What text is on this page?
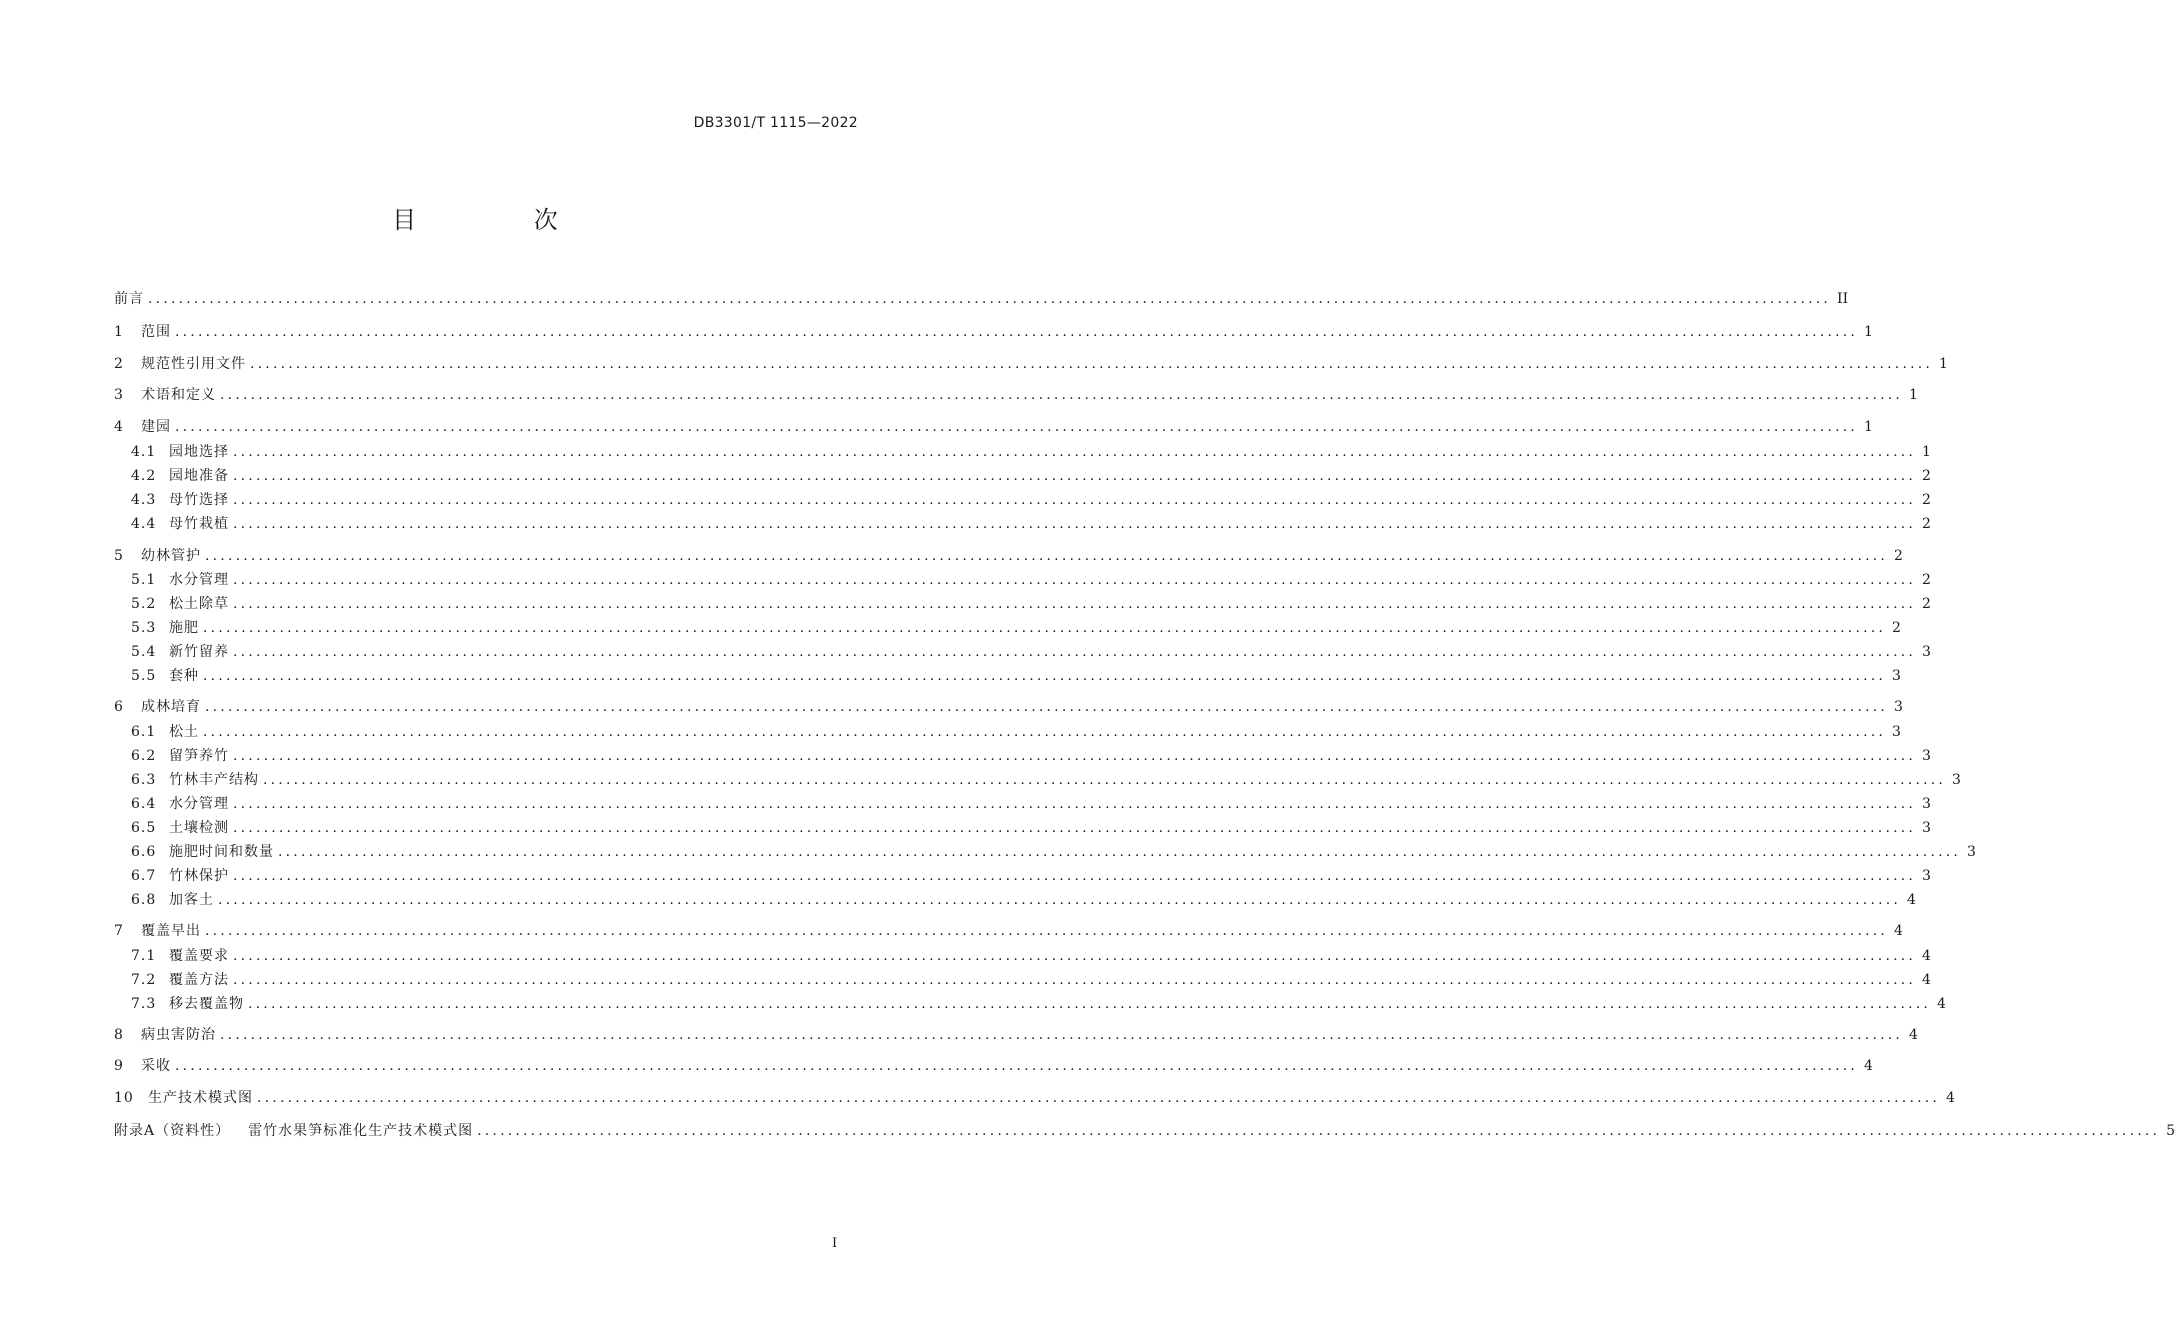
DB3301/T 1115—2022
目 次
前言 ............................................................................................................................................................................................................................ II
1	范围 ............................................................................................................................................................................................................................ 1
2	规范性引用文件 ............................................................................................................................................................................................................................ 1
3	术语和定义 ............................................................................................................................................................................................................................ 1
4	建园 ............................................................................................................................................................................................................................ 1
4.1 园地选择 ............................................................................................................................................................................................................................ 1
4.2 园地准备 ............................................................................................................................................................................................................................ 2
4.3 母竹选择 ............................................................................................................................................................................................................................ 2
4.4 母竹栽植 ............................................................................................................................................................................................................................ 2
5	幼林管护 ............................................................................................................................................................................................................................ 2
5.1 水分管理 ............................................................................................................................................................................................................................ 2
5.2 松土除草 ............................................................................................................................................................................................................................ 2
5.3 施肥 ............................................................................................................................................................................................................................ 2
5.4 新竹留养 ............................................................................................................................................................................................................................ 3
5.5 套种 ............................................................................................................................................................................................................................ 3
6	成林培育 ............................................................................................................................................................................................................................ 3
6.1 松土 ............................................................................................................................................................................................................................ 3
6.2 留笋养竹 ............................................................................................................................................................................................................................ 3
6.3 竹林丰产结构 ............................................................................................................................................................................................................................ 3
6.4 水分管理 ............................................................................................................................................................................................................................ 3
6.5 土壤检测 ............................................................................................................................................................................................................................ 3
6.6 施肥时间和数量 ............................................................................................................................................................................................................................ 3
6.7 竹林保护 ............................................................................................................................................................................................................................ 3
6.8 加客土 ............................................................................................................................................................................................................................ 4
7	覆盖早出 ............................................................................................................................................................................................................................ 4
7.1 覆盖要求 ............................................................................................................................................................................................................................ 4
7.2 覆盖方法 ............................................................................................................................................................................................................................ 4
7.3 移去覆盖物 ............................................................................................................................................................................................................................ 4
8	病虫害防治 ............................................................................................................................................................................................................................ 4
9	采收 ............................................................................................................................................................................................................................ 4
10	生产技术模式图 ............................................................................................................................................................................................................................ 4
附录A（资料性） 雷竹水果笋标准化生产技术模式图 ............................................................................................................................................................................................................................ 5
I
